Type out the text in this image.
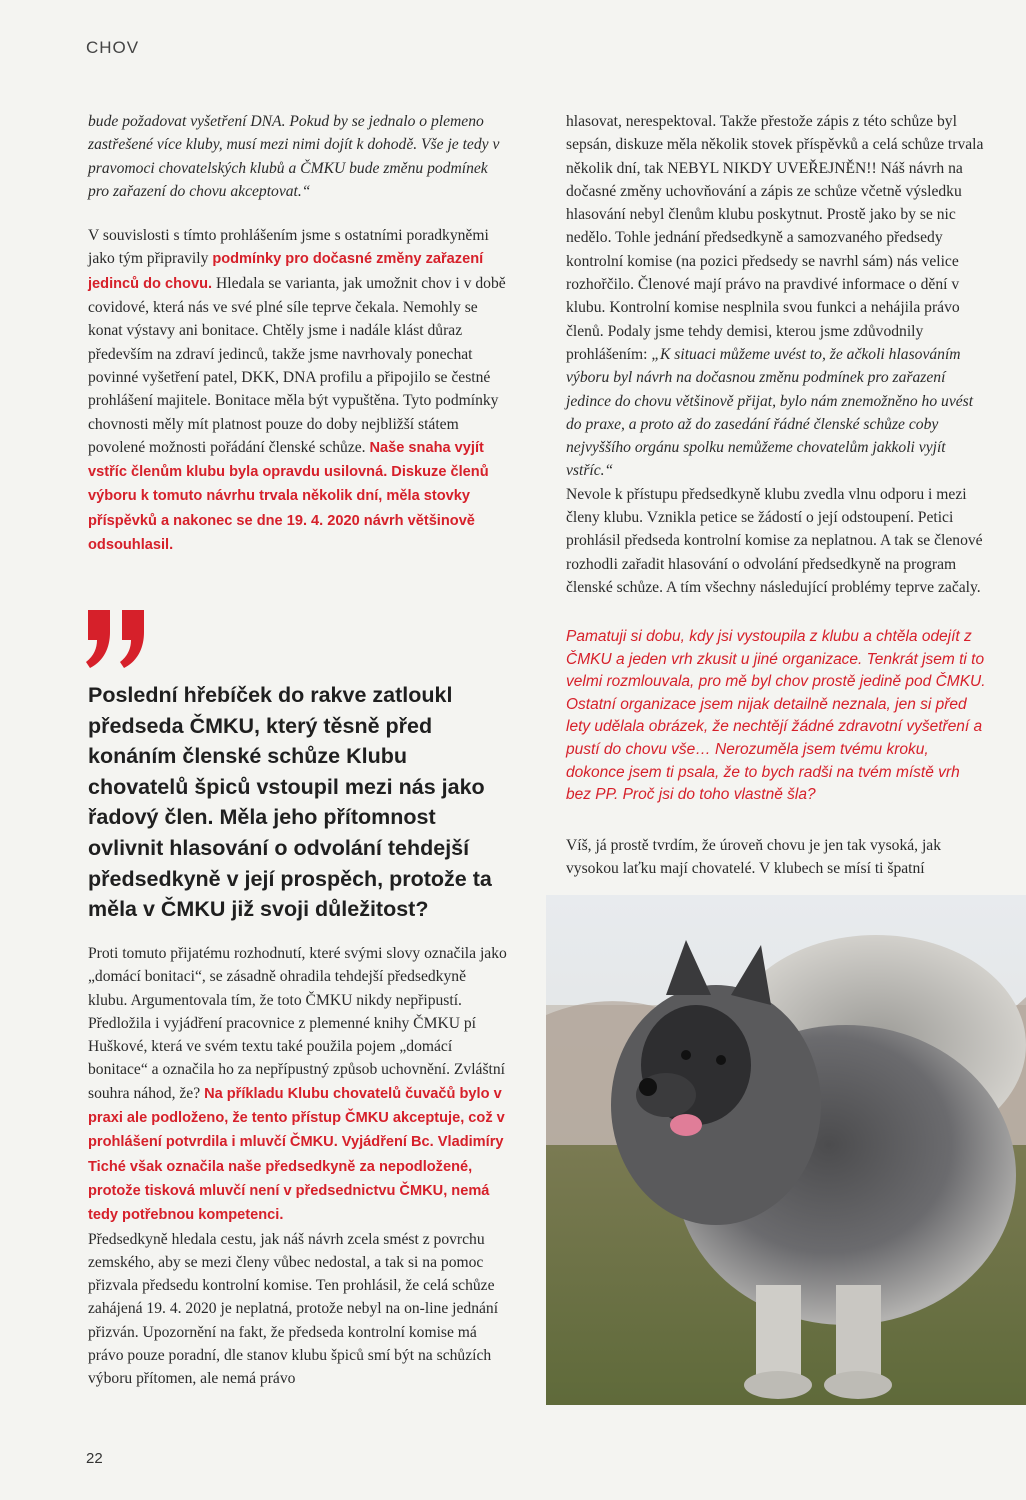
CHOV

bude požadovat vyšetření DNA. Pokud by se jednalo o plemeno zastřešené více kluby, musí mezi nimi dojít k dohodě. Vše je tedy v pravomoci chovatelských klubů a ČMKU bude změnu podmínek pro zařazení do chovu akceptovat.“

V souvislosti s tímto prohlášením jsme s ostatními poradkyněmi jako tým připravily podmínky pro dočasné změny zařazení jedinců do chovu. Hledala se varianta, jak umožnit chov i v době covidové, která nás ve své plné síle teprve čekala. Nemohly se konat výstavy ani bonitace. Chtěly jsme i nadále klást důraz především na zdraví jedinců, takže jsme navrhovaly ponechat povinné vyšetření patel, DKK, DNA profilu a připojilo se čestné prohlášení majitele. Bonitace měla být vypuštěna. Tyto podmínky chovnosti měly mít platnost pouze do doby nejbližší státem povolené možnosti pořádání členské schůze. Naše snaha vyjít vstříc členům klubu byla opravdu usilovná. Diskuze členů výboru k tomuto návrhu trvala několik dní, měla stovky příspěvků a nakonec se dne 19. 4. 2020 návrh většinově odsouhlasil.

hlasovat, nerespektoval. Takže přestože zápis z této schůze byl sepsán, diskuze měla několik stovek příspěvků a celá schůze trvala několik dní, tak NEBYL NIKDY UVEŘEJNĚN!! Náš návrh na dočasné změny uchovňování a zápis ze schůze včetně výsledku hlasování nebyl členům klubu poskytnut. Prostě jako by se nic nedělo. Tohle jednání předsedkyně a samozvaného předsedy kontrolní komise (na pozici předsedy se navrhl sám) nás velice rozhořčilo. Členové mají právo na pravdivé informace o dění v klubu. Kontrolní komise nesplnila svou funkci a nehájila právo členů. Podaly jsme tehdy demisi, kterou jsme zdůvodnily prohlášením: „K situaci můžeme uvést to, že ačkoli hlasováním výboru byl návrh na dočasnou změnu podmínek pro zařazení jedince do chovu většinově přijat, bylo nám znemožněno ho uvést do praxe, a proto až do zasedání řádné členské schůze coby nejvyššího orgánu spolku nemůžeme chovatelům jakkoli vyjít vstříc.“

Nevole k přístupu předsedkyně klubu zvedla vlnu odporu i mezi členy klubu. Vznikla petice se žádostí o její odstoupení. Petici prohlásil předseda kontrolní komise za neplatnou. A tak se členové rozhodli zařadit hlasování o odvolání předsedkyně na program členské schůze. A tím všechny následující problémy teprve začaly.

Poslední hřebíček do rakve zatloukl předseda ČMKU, který těsně před konáním členské schůze Klubu chovatelů špiců vstoupil mezi nás jako řadový člen. Měla jeho přítomnost ovlivnit hlasování o odvolání tehdejší předsedkyně v její prospěch, protože ta měla v ČMKU již svoji důležitost?
Pamatuji si dobu, kdy jsi vystoupila z klubu a chtěla odejít z ČMKU a jeden vrh zkusit u jiné organizace. Tenkrát jsem ti to velmi rozmlouvala, pro mě byl chov prostě jedině pod ČMKU. Ostatní organizace jsem nijak detailně neznala, jen si před lety udělala obrázek, že nechtějí žádné zdravotní vyšetření a pustí do chovu vše… Nerozuměla jsem tvému kroku, dokonce jsem ti psala, že to bych radši na tvém místě vrh bez PP. Proč jsi do toho vlastně šla?

Víš, já prostě tvrdím, že úroveň chovu je jen tak vysoká, jak vysokou laťku mají chovatelé. V klubech se mísí ti špatní

Proti tomuto přijatému rozhodnutí, které svými slovy označila jako „domácí bonitaci“, se zásadně ohradila tehdejší předsedkyně klubu. Argumentovala tím, že toto ČMKU nikdy nepřipustí. Předložila i vyjádření pracovnice z plemenné knihy ČMKU pí Huškové, která ve svém textu také použila pojem „domácí bonitace“ a označila ho za nepřípustný způsob uchovnění. Zvláštní souhra náhod, že? Na příkladu Klubu chovatelů čuvačů bylo v praxi ale podloženo, že tento přístup ČMKU akceptuje, což v prohlášení potvrdila i mluvčí ČMKU. Vyjádření Bc. Vladimíry Tiché však označila naše předsedkyně za nepodložené, protože tisková mluvčí není v předsednictvu ČMKU, nemá tedy potřebnou kompetenci.

Předsedkyně hledala cestu, jak náš návrh zcela smést z povrchu zemského, aby se mezi členy vůbec nedostal, a tak si na pomoc přizvala předsedu kontrolní komise. Ten prohlásil, že celá schůze zahájená 19. 4. 2020 je neplatná, protože nebyl na on-line jednání přizván. Upozornění na fakt, že předseda kontrolní komise má právo pouze poradní, dle stanov klubu špiců smí být na schůzích výboru přítomen, ale nemá právo

22
